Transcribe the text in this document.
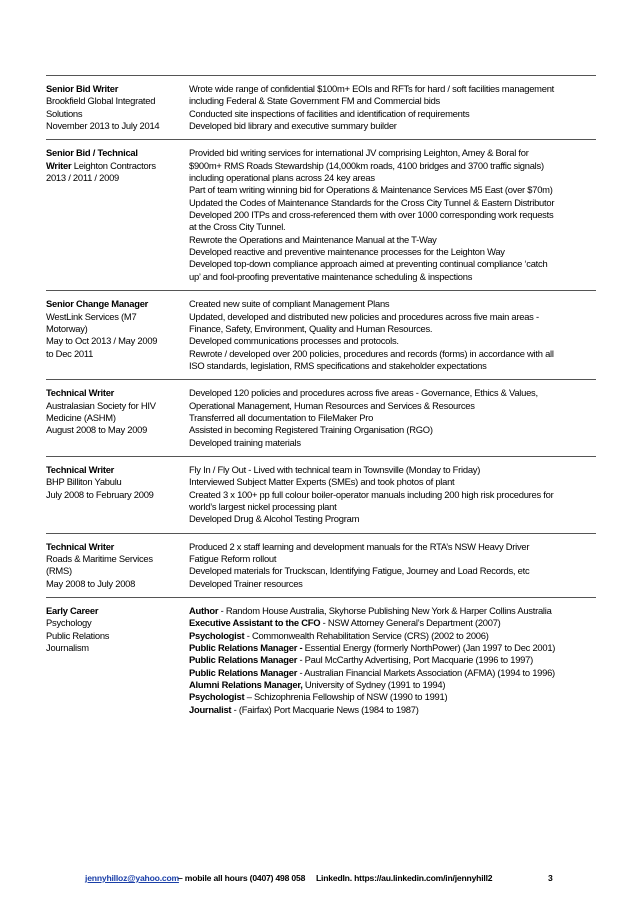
Senior Bid Writer
Brookfield Global Integrated
Solutions
November 2013 to July 2014
Wrote wide range of confidential $100m+ EOIs and RFTs for hard / soft facilities management
including Federal & State Government FM and Commercial bids
Conducted site inspections of facilities and identification of requirements
Developed bid library and executive summary builder
Senior Bid / Technical
Writer Leighton Contractors
2013 / 2011 / 2009
Provided bid writing services for international JV comprising Leighton, Amey & Boral for
$900m+ RMS Roads Stewardship (14,000km roads, 4100 bridges and 3700 traffic signals)
including operational plans across 24 key areas
Part of team writing winning bid for Operations & Maintenance Services M5 East (over $70m)
Updated the Codes of Maintenance Standards for the Cross City Tunnel & Eastern Distributor
Developed 200 ITPs and cross-referenced them with over 1000 corresponding work requests
at the Cross City Tunnel.
Rewrote the Operations and Maintenance Manual at the T-Way
Developed reactive and preventive maintenance processes for the Leighton Way
Developed top-down compliance approach aimed at preventing continual compliance ‘catch
up’ and fool-proofing preventative maintenance scheduling & inspections
Senior Change Manager
WestLink Services (M7
Motorway)
May to Oct 2013 / May 2009
to Dec 2011
Created new suite of compliant Management Plans
Updated, developed and distributed new policies and procedures across five main areas -
Finance, Safety, Environment, Quality and Human Resources.
Developed communications processes and protocols.
Rewrote / developed over 200 policies, procedures and records (forms) in accordance with all
ISO standards, legislation, RMS specifications and stakeholder expectations
Technical Writer
Australasian Society for HIV
Medicine (ASHM)
August 2008 to May 2009
Developed 120 policies and procedures across five areas - Governance, Ethics & Values,
Operational Management, Human Resources and Services & Resources
Transferred all documentation to FileMaker Pro
Assisted in becoming Registered Training Organisation (RGO)
Developed training materials
Technical Writer
BHP Billiton Yabulu
July 2008 to February 2009
Fly In / Fly Out - Lived with technical team in Townsville (Monday to Friday)
Interviewed Subject Matter Experts (SMEs) and took photos of plant
Created 3 x 100+ pp full colour boiler-operator manuals including 200 high risk procedures for
world’s largest nickel processing plant
Developed Drug & Alcohol Testing Program
Technical Writer
Roads & Maritime Services
(RMS)
May 2008 to July 2008
Produced 2 x staff learning and development manuals for the RTA’s NSW Heavy Driver
Fatigue Reform rollout
Developed materials for Truckscan, Identifying Fatigue, Journey and Load Records, etc
Developed Trainer resources
Early Career
Psychology
Public Relations
Journalism
Author - Random House Australia, Skyhorse Publishing New York & Harper Collins Australia
Executive Assistant to the CFO - NSW Attorney General’s Department (2007)
Psychologist - Commonwealth Rehabilitation Service (CRS) (2002 to 2006)
Public Relations Manager - Essential Energy (formerly NorthPower) (Jan 1997 to Dec 2001)
Public Relations Manager - Paul McCarthy Advertising, Port Macquarie (1996 to 1997)
Public Relations Manager - Australian Financial Markets Association (AFMA) (1994 to 1996)
Alumni Relations Manager, University of Sydney (1991 to 1994)
Psychologist – Schizophrenia Fellowship of NSW (1990 to 1991)
Journalist - (Fairfax) Port Macquarie News (1984 to 1987)
jennyhilloz@yahoo.com – mobile all hours (0407) 498 058 LinkedIn. https://au.linkedin.com/in/jennyhill2	3
